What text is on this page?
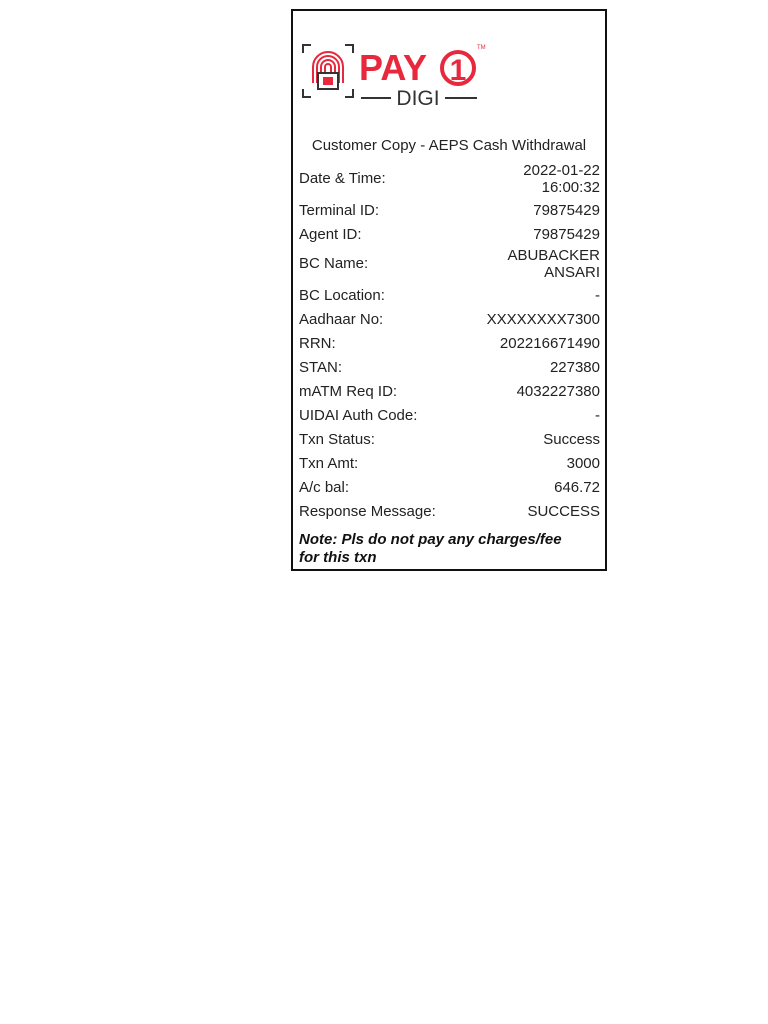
PAY 1
TM
DIGI
Customer Copy - AEPS Cash Withdrawal
Date & Time:	2022-01-22
16:00:32
Terminal ID:	79875429
Agent ID:	79875429
BC Name:	ABUBACKER
ANSARI
BC Location:	-
Aadhaar No:	XXXXXXXX7300
RRN:	202216671490
STAN:	227380
mATM Req ID:	4032227380
UIDAI Auth Code:	-
Txn Status:	Success
Txn Amt:	3000
A/c bal:	646.72
Response Message:	SUCCESS
Note: Pls do not pay any charges/fee for this txn
